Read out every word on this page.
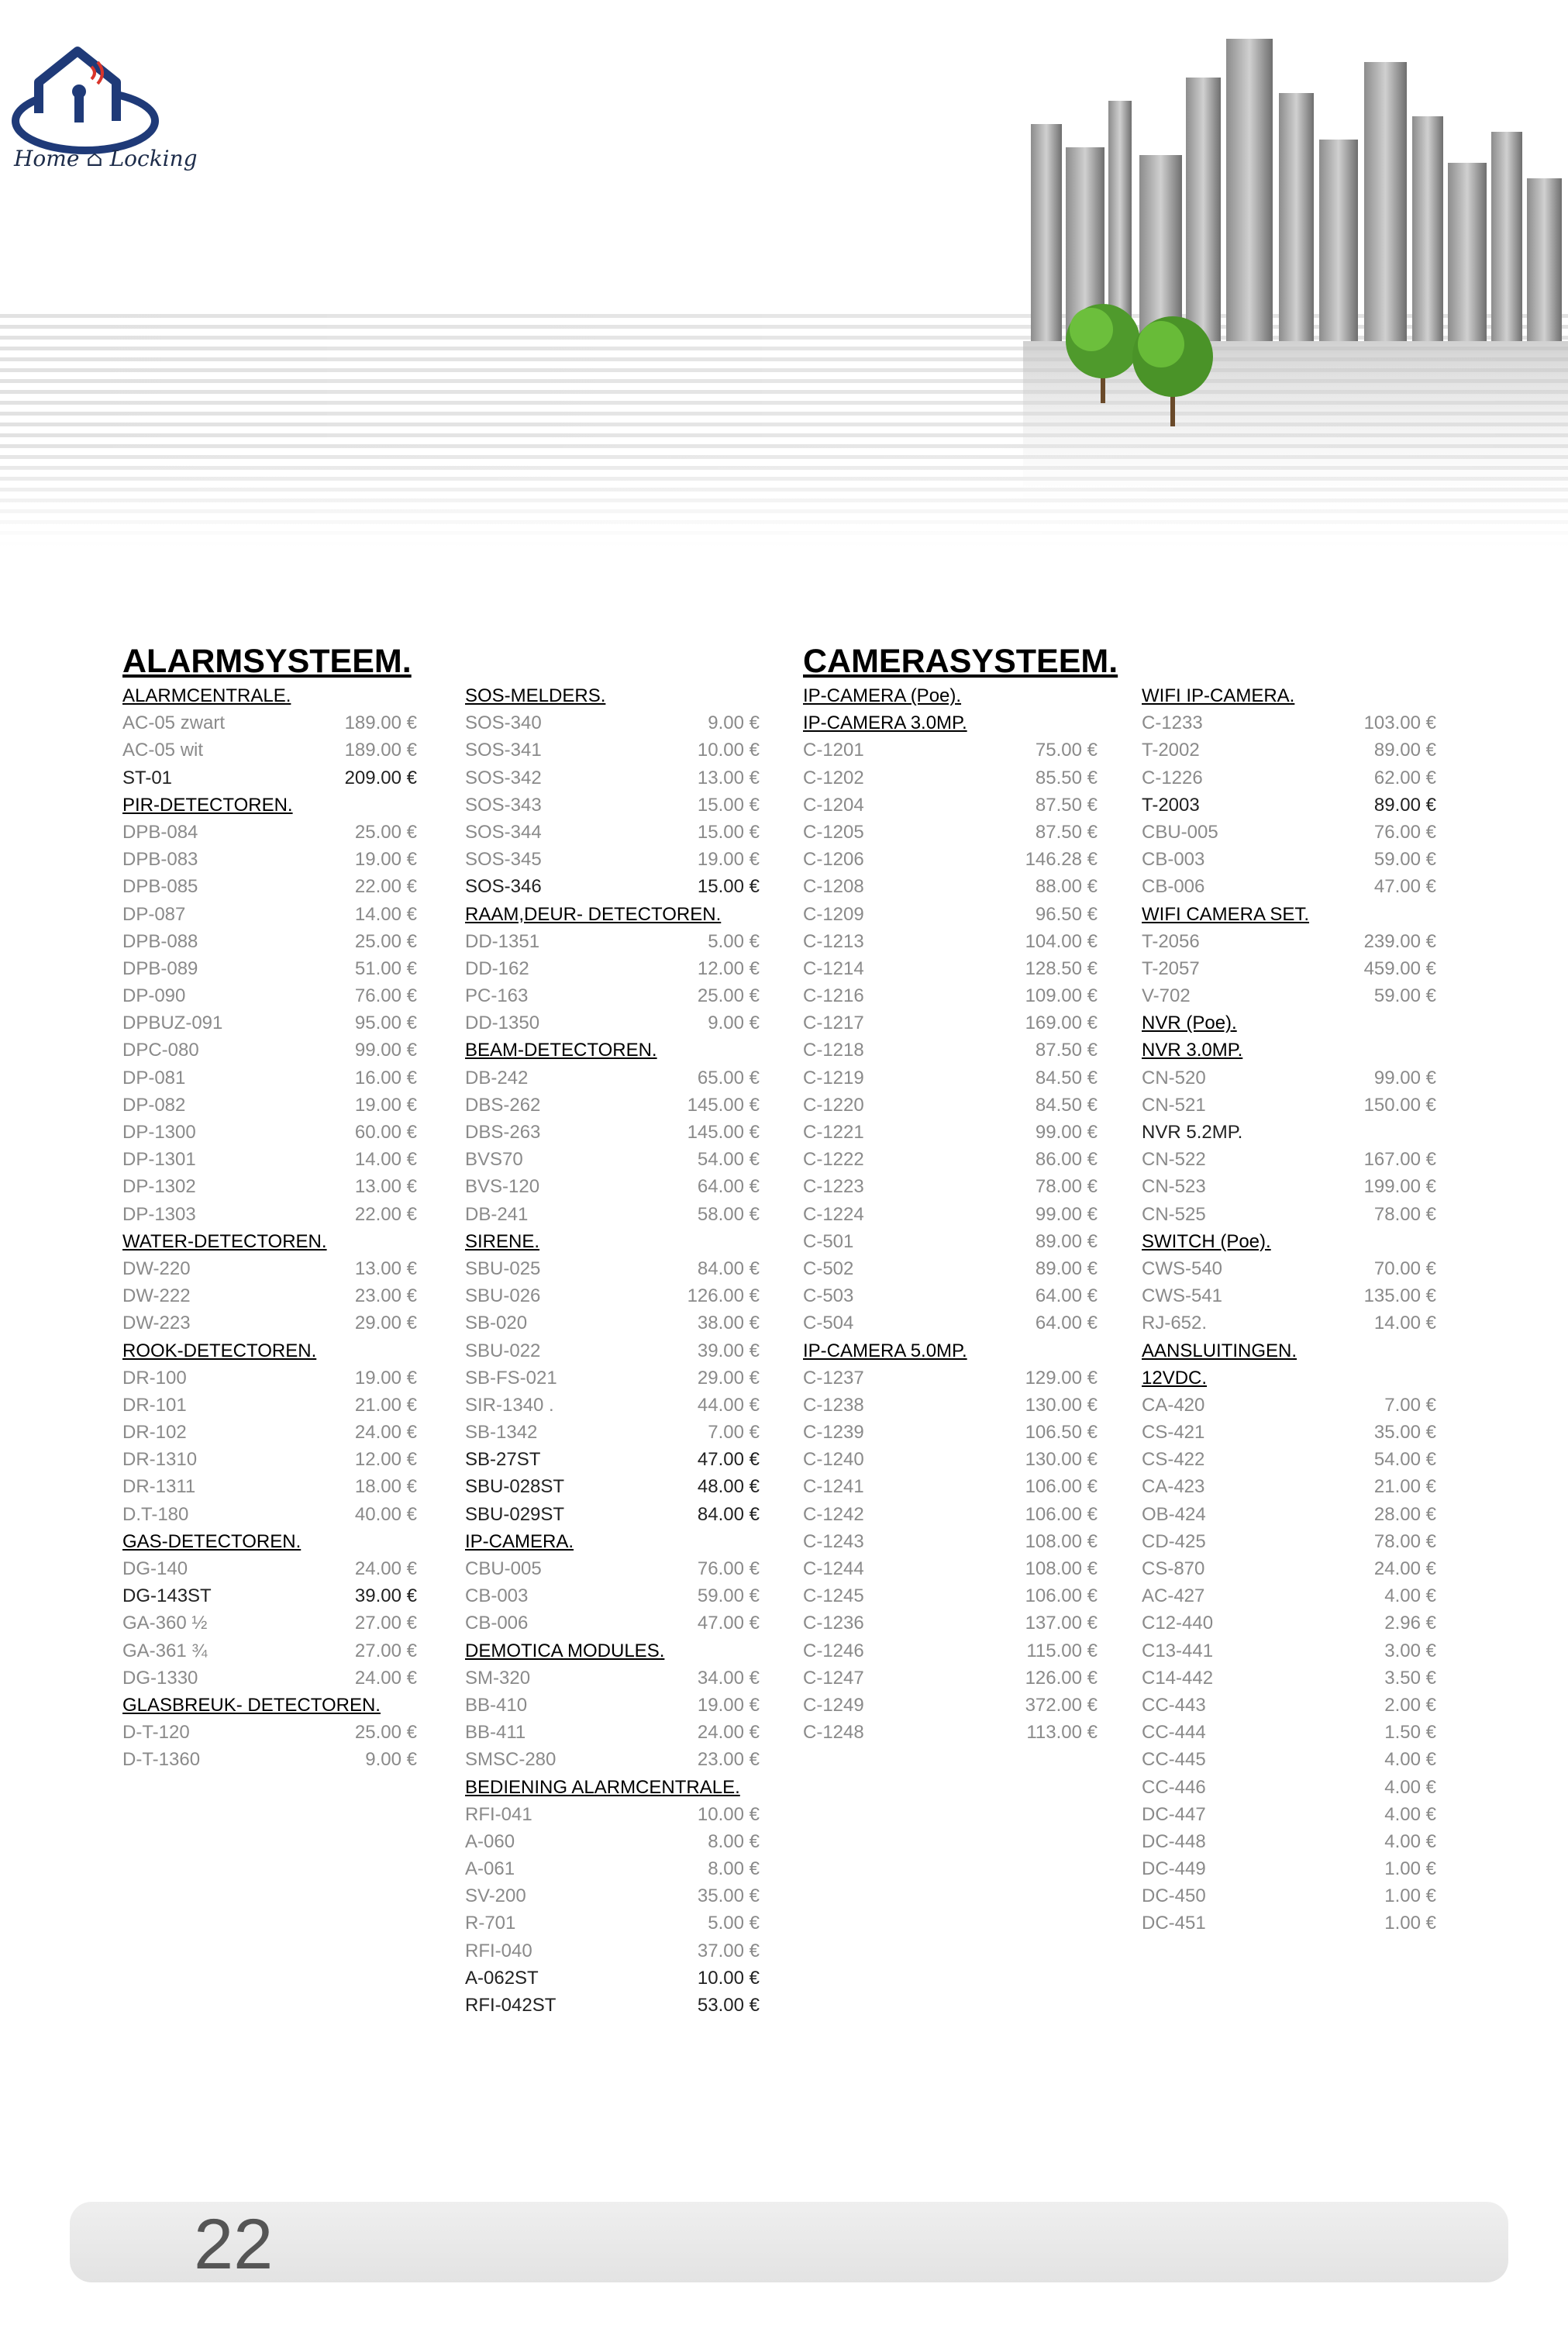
Home ⌂ Locking
ALARMSYSTEEM.
ALARMCENTRALE.
AC-05 zwart	189.00 €
AC-05 wit	189.00 €
ST-01	209.00 €
PIR-DETECTOREN.
DPB-084	25.00 €
DPB-083	19.00 €
DPB-085	22.00 €
DP-087	14.00 €
DPB-088	25.00 €
DPB-089	51.00 €
DP-090	76.00 €
DPBUZ-091	95.00 €
DPC-080	99.00 €
DP-081	16.00 €
DP-082	19.00 €
DP-1300	60.00 €
DP-1301	14.00 €
DP-1302	13.00 €
DP-1303	22.00 €
WATER-DETECTOREN.
DW-220	13.00 €
DW-222	23.00 €
DW-223	29.00 €
ROOK-DETECTOREN.
DR-100	19.00 €
DR-101	21.00 €
DR-102	24.00 €
DR-1310	12.00 €
DR-1311	18.00 €
D.T-180	40.00 €
GAS-DETECTOREN.
DG-140	24.00 €
DG-143ST	39.00 €
GA-360 ½	27.00 €
GA-361 ¾	27.00 €
DG-1330	24.00 €
GLASBREUK- DETECTOREN.
D-T-120	25.00 €
D-T-1360	9.00 €
SOS-MELDERS.
SOS-340	9.00 €
SOS-341	10.00 €
SOS-342	13.00 €
SOS-343	15.00 €
SOS-344	15.00 €
SOS-345	19.00 €
SOS-346	15.00 €
RAAM,DEUR- DETECTOREN.
DD-1351	5.00 €
DD-162	12.00 €
PC-163	25.00 €
DD-1350	9.00 €
BEAM-DETECTOREN.
DB-242	65.00 €
DBS-262	145.00 €
DBS-263	145.00 €
BVS70	54.00 €
BVS-120	64.00 €
DB-241	58.00 €
SIRENE.
SBU-025	84.00 €
SBU-026	126.00 €
SB-020	38.00 €
SBU-022	39.00 €
SB-FS-021	29.00 €
SIR-1340 .	44.00 €
SB-1342	7.00 €
SB-27ST	47.00 €
SBU-028ST	48.00 €
SBU-029ST	84.00 €
IP-CAMERA.
CBU-005	76.00 €
CB-003	59.00 €
CB-006	47.00 €
DEMOTICA MODULES.
SM-320	34.00 €
BB-410	19.00 €
BB-411	24.00 €
SMSC-280	23.00 €
BEDIENING ALARMCENTRALE.
RFI-041	10.00 €
A-060	8.00 €
A-061	8.00 €
SV-200	35.00 €
R-701	5.00 €
RFI-040	37.00 €
A-062ST	10.00 €
RFI-042ST	53.00 €
CAMERASYSTEEM.
IP-CAMERA (Poe).
IP-CAMERA 3.0MP.
C-1201	75.00 €
C-1202	85.50 €
C-1204	87.50 €
C-1205	87.50 €
C-1206	146.28 €
C-1208	88.00 €
C-1209	96.50 €
C-1213	104.00 €
C-1214	128.50 €
C-1216	109.00 €
C-1217	169.00 €
C-1218	87.50 €
C-1219	84.50 €
C-1220	84.50 €
C-1221	99.00 €
C-1222	86.00 €
C-1223	78.00 €
C-1224	99.00 €
C-501	89.00 €
C-502	89.00 €
C-503	64.00 €
C-504	64.00 €
IP-CAMERA 5.0MP.
C-1237	129.00 €
C-1238	130.00 €
C-1239	106.50 €
C-1240	130.00 €
C-1241	106.00 €
C-1242	106.00 €
C-1243	108.00 €
C-1244	108.00 €
C-1245	106.00 €
C-1236	137.00 €
C-1246	115.00 €
C-1247	126.00 €
C-1249	372.00 €
C-1248	113.00 €
WIFI IP-CAMERA.
C-1233	103.00 €
T-2002	89.00 €
C-1226	62.00 €
T-2003	89.00 €
CBU-005	76.00 €
CB-003	59.00 €
CB-006	47.00 €
WIFI CAMERA SET.
T-2056	239.00 €
T-2057	459.00 €
V-702	59.00 €
NVR (Poe).
NVR 3.0MP.
CN-520	99.00 €
CN-521	150.00 €
NVR 5.2MP.
CN-522	167.00 €
CN-523	199.00 €
CN-525	78.00 €
SWITCH (Poe).
CWS-540	70.00 €
CWS-541	135.00 €
RJ-652.	14.00 €
AANSLUITINGEN.
12VDC.
CA-420	7.00 €
CS-421	35.00 €
CS-422	54.00 €
CA-423	21.00 €
OB-424	28.00 €
CD-425	78.00 €
CS-870	24.00 €
AC-427	4.00 €
C12-440	2.96 €
C13-441	3.00 €
C14-442	3.50 €
CC-443	2.00 €
CC-444	1.50 €
CC-445	4.00 €
CC-446	4.00 €
DC-447	4.00 €
DC-448	4.00 €
DC-449	1.00 €
DC-450	1.00 €
DC-451	1.00 €
22
